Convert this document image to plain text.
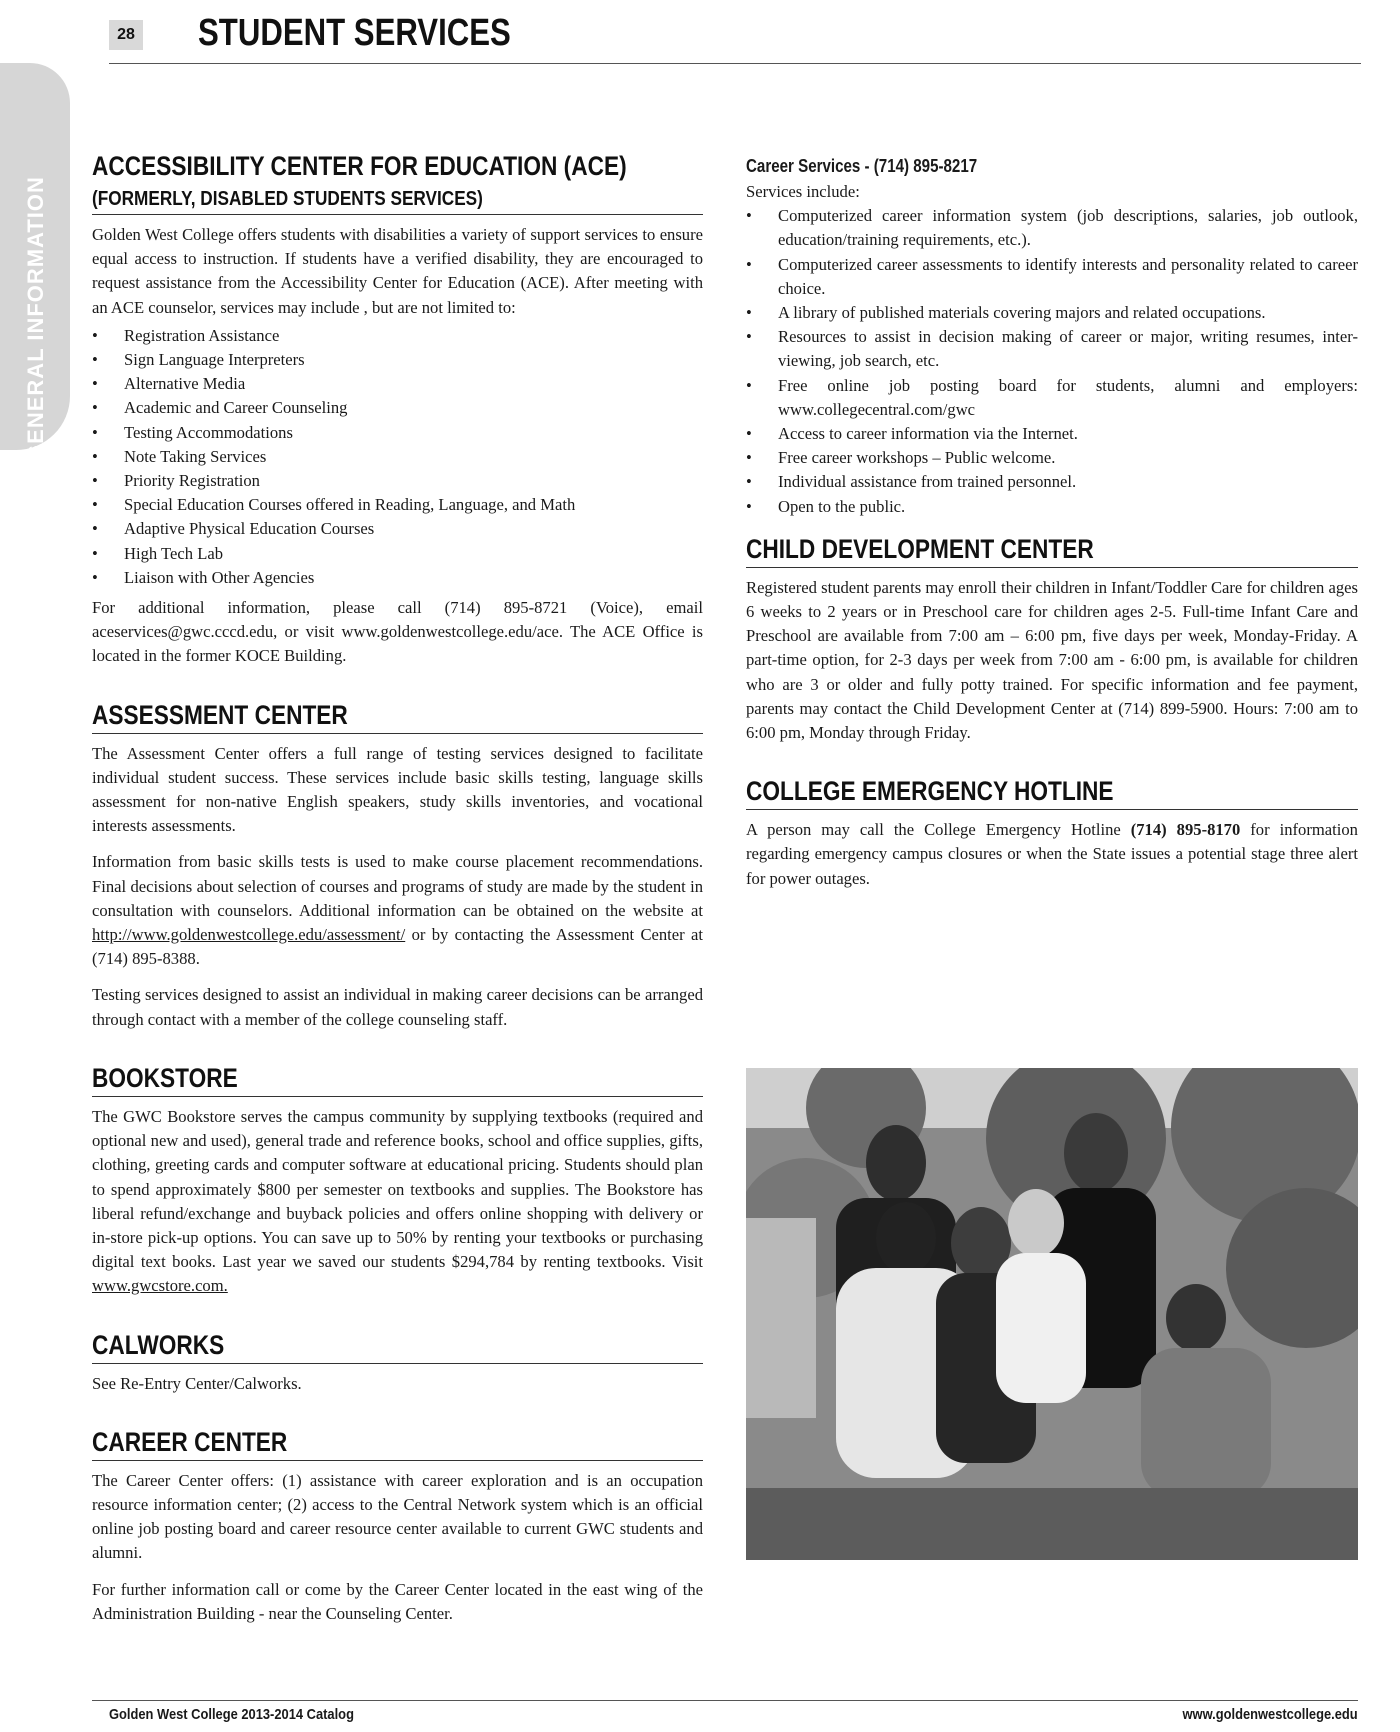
28 STUDENT SERVICES
GENERAL INFORMATION
ACCESSIBILITY CENTER FOR EDUCATION (ACE)
(FORMERLY, DISABLED STUDENTS SERVICES)

Golden West College offers students with disabilities a variety of support services to ensure equal access to instruction. If students have a verified disability, they are encouraged to request assistance from the Accessibility Center for Education (ACE). After meeting with an ACE counselor, services may include , but are not limited to:

•	Registration Assistance
•	Sign Language Interpreters
•	Alternative Media
•	Academic and Career Counseling
•	Testing Accommodations
•	Note Taking Services
•	Priority Registration
•	Special Education Courses offered in Reading, Language, and Math
•	Adaptive Physical Education Courses
•	High Tech Lab
•	Liaison with Other Agencies

For additional information, please call (714) 895-8721 (Voice), email aceservices@gwc.cccd.edu, or visit www.goldenwestcollege.edu/ace. The ACE Office is located in the former KOCE Building.

ASSESSMENT CENTER

The Assessment Center offers a full range of testing services designed to facilitate individual student success. These services include basic skills testing, language skills assessment for non-native English speakers, study skills inventories, and vocational interests assessments.

Information from basic skills tests is used to make course placement recommendations. Final decisions about selection of courses and programs of study are made by the student in consultation with counselors. Additional information can be obtained on the website at http://www.goldenwestcollege.edu/assessment/ or by contacting the Assessment Center at (714) 895-8388.

Testing services designed to assist an individual in making career decisions can be arranged through contact with a member of the college counseling staff.

BOOKSTORE

The GWC Bookstore serves the campus community by supplying textbooks (required and optional new and used), general trade and reference books, school and office supplies, gifts, clothing, greeting cards and computer software at educational pricing. Students should plan to spend approximately $800 per semester on textbooks and supplies. The Bookstore has liberal refund/exchange and buyback policies and offers online shopping with delivery or in-store pick-up options. You can save up to 50% by renting your textbooks or purchasing digital text books. Last year we saved our students $294,784 by renting textbooks. Visit www.gwcstore.com.

CALWORKS

See Re-Entry Center/Calworks.

CAREER CENTER

The Career Center offers: (1) assistance with career exploration and is an occupation resource information center; (2) access to the Central Network system which is an official online job posting board and career resource center available to current GWC students and alumni.

For further information call or come by the Career Center located in the east wing of the Administration Building - near the Counseling Center.

Career Services - (714) 895-8217

Services include:

•	Computerized career information system (job descriptions, salaries, job outlook, education/training requirements, etc.).
•	Computerized career assessments to identify interests and personality related to career choice.
•	A library of published materials covering majors and related occupations.
•	Resources to assist in decision making of career or major, writing resumes, inter-viewing, job search, etc.
•	Free online job posting board for students, alumni and employers: www.collegecentral.com/gwc
•	Access to career information via the Internet.
•	Free career workshops – Public welcome.
•	Individual assistance from trained personnel.
•	Open to the public.
CHILD DEVELOPMENT CENTER

Registered student parents may enroll their children in Infant/Toddler Care for children ages 6 weeks to 2 years or in Preschool care for children ages 2-5. Full-time Infant Care and Preschool are available from 7:00 am – 6:00 pm, five days per week, Monday-Friday. A part-time option, for 2-3 days per week from 7:00 am - 6:00 pm, is available for children who are 3 or older and fully potty trained. For specific information and fee payment, parents may contact the Child Development Center at (714) 899-5900. Hours: 7:00 am to 6:00 pm, Monday through Friday.

COLLEGE EMERGENCY HOTLINE

A person may call the College Emergency Hotline (714) 895-8170 for information regarding emergency campus closures or when the State issues a potential stage three alert for power outages.

Golden West College 2013-2014 Catalog	www.goldenwestcollege.edu
